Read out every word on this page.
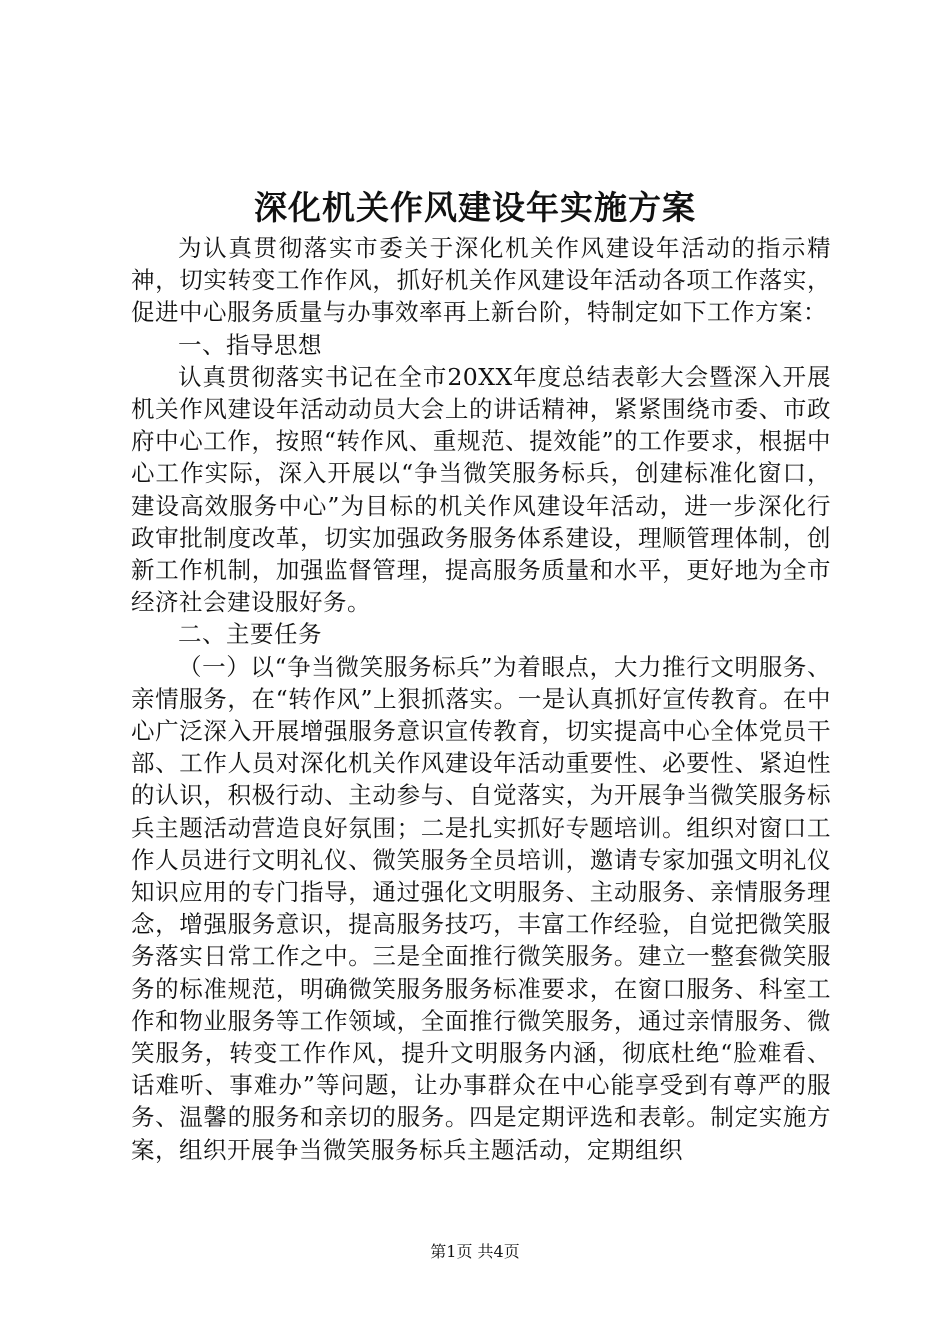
深化机关作风建设年实施方案

为认真贯彻落实市委关于深化机关作风建设年活动的指示精神，切实转变工作作风，抓好机关作风建设年活动各项工作落实，促进中心服务质量与办事效率再上新台阶，特制定如下工作方案：

一、指导思想

认真贯彻落实书记在全市20XX年度总结表彰大会暨深入开展机关作风建设年活动动员大会上的讲话精神，紧紧围绕市委、市政府中心工作，按照“转作风、重规范、提效能”的工作要求，根据中心工作实际，深入开展以“争当微笑服务标兵，创建标准化窗口，建设高效服务中心”为目标的机关作风建设年活动，进一步深化行政审批制度改革，切实加强政务服务体系建设，理顺管理体制，创新工作机制，加强监督管理，提高服务质量和水平，更好地为全市经济社会建设服好务。

二、主要任务

（一）以“争当微笑服务标兵”为着眼点，大力推行文明服务、亲情服务，在“转作风”上狠抓落实。一是认真抓好宣传教育。在中心广泛深入开展增强服务意识宣传教育，切实提高中心全体党员干部、工作人员对深化机关作风建设年活动重要性、必要性、紧迫性的认识，积极行动、主动参与、自觉落实，为开展争当微笑服务标兵主题活动营造良好氛围；二是扎实抓好专题培训。组织对窗口工作人员进行文明礼仪、微笑服务全员培训，邀请专家加强文明礼仪知识应用的专门指导，通过强化文明服务、主动服务、亲情服务理念，增强服务意识，提高服务技巧，丰富工作经验，自觉把微笑服务落实日常工作之中。三是全面推行微笑服务。建立一整套微笑服务的标准规范，明确微笑服务服务标准要求，在窗口服务、科室工作和物业服务等工作领域，全面推行微笑服务，通过亲情服务、微笑服务，转变工作作风，提升文明服务内涵，彻底杜绝“脸难看、话难听、事难办”等问题，让办事群众在中心能享受到有尊严的服务、温馨的服务和亲切的服务。四是定期评选和表彰。制定实施方案，组织开展争当微笑服务标兵主题活动，定期组织

第1页 共4页
